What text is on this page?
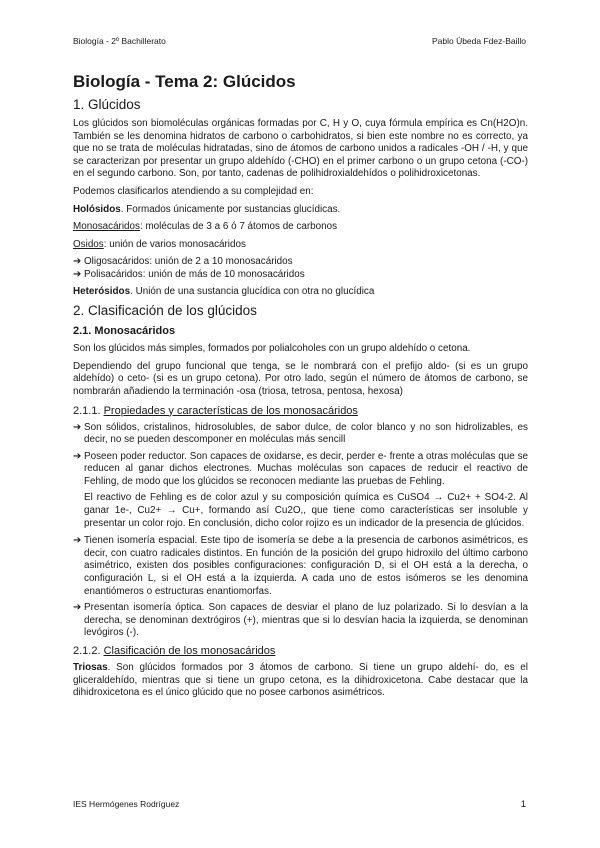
Biología - 2º Bachillerato	Pablo Úbeda Fdez-Baillo
Biología - Tema 2: Glúcidos
1. Glúcidos

Los glúcidos son biomoléculas orgánicas formadas por C, H y O, cuya fórmula empírica es Cn(H2O)n. También se les denomina hidratos de carbono o carbohidratos, si bien este nombre no es correcto, ya que no se trata de moléculas hidratadas, sino de átomos de carbono unidos a radicales -OH / -H, y que se caracterizan por presentar un grupo aldehído (-CHO) en el primer carbono o un grupo cetona (-CO-) en el segundo carbono. Son, por tanto, cadenas de polihidroxialdehídos o polihidroxicetonas.

Podemos clasificarlos atendiendo a su complejidad en:

Holósidos. Formados únicamente por sustancias glucídicas.

Monosacáridos: moléculas de 3 a 6 ó 7 átomos de carbonos

Osidos: unión de varios monosacáridos

➔ Oligosacáridos: unión de 2 a 10 monosacáridos
➔ Polisacáridos: unión de más de 10 monosacáridos

Heterósidos. Unión de una sustancia glucídica con otra no glucídica

2. Clasificación de los glúcidos
2.1. Monosacáridos

Son los glúcidos más simples, formados por polialcoholes con un grupo aldehído o cetona.

Dependiendo del grupo funcional que tenga, se le nombrará con el prefijo aldo- (si es un grupo aldehído) o ceto- (si es un grupo cetona). Por otro lado, según el número de átomos de carbono, se nombrarán añadiendo la terminación -osa (triosa, tetrosa, pentosa, hexosa)

2.1.1. Propiedades y características de los monosacáridos
➔ Son sólidos, cristalinos, hidrosolubles, de sabor dulce, de color blanco y no son hidrolizables, es decir, no se pueden descomponer en moléculas más sencill
➔ Poseen poder reductor. Son capaces de oxidarse, es decir, perder e- frente a otras moléculas que se reducen al ganar dichos electrones. Muchas moléculas son capaces de reducir el reactivo de Fehling, de modo que los glúcidos se reconocen mediante las pruebas de Fehling.

El reactivo de Fehling es de color azul y su composición química es CuSO4 → Cu2+ + SO4-2. Al ganar 1e-, Cu2+ → Cu+, formando así Cu2O,, que tiene como características ser insoluble y presentar un color rojo. En conclusión, dicho color rojizo es un indicador de la presencia de glúcidos.

➔ Tienen isomería espacial. Este tipo de isomería se debe a la presencia de carbonos asimétricos, es decir, con cuatro radicales distintos. En función de la posición del grupo hidroxilo del último carbono asimétrico, existen dos posibles configuraciones: configuración D, si el OH está a la derecha, o configuración L, si el OH está a la izquierda. A cada uno de estos isómeros se les denomina enantiómeros o estructuras enantiomorfas.
➔ Presentan isomería óptica. Son capaces de desviar el plano de luz polarizado. Si lo desvían a la derecha, se denominan dextrógiros (+), mientras que si lo desvían hacia la izquierda, se denominan levógiros (-).
2.1.2. Clasificación de los monosacáridos

Triosas. Son glúcidos formados por 3 átomos de carbono. Si tiene un grupo aldehí- do, es el gliceraldehído, mientras que si tiene un grupo cetona, es la dihidroxicetona. Cabe destacar que la dihidroxicetona es el único glúcido que no posee carbonos asimétricos.

IES Hermógenes Rodríguez	1
